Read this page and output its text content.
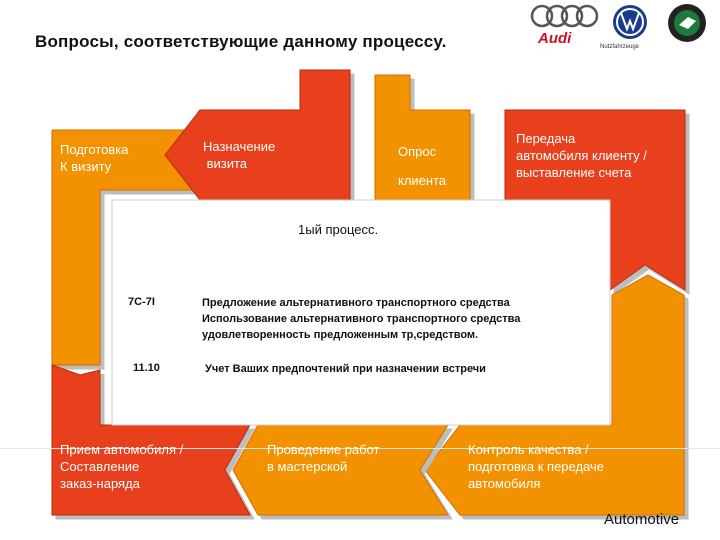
Вопросы, соответствующие данному процессу.	Audi	Nutzfahrzeuge
Подготовка
К визиту
Назначение
визита
Опрос
клиента
Передача
автомобиля клиенту /
выставление счета
Прием автомобиля /
Составление
заказ-наряда
Проведение работ
в мастерской
Контроль качества /
подготовка к передаче
автомобиля
1ый процесс.
7С-7I	Предложение альтернативного транспортного средства
Использование альтернативного транспортного средства
удовлетворенность предложенным тр,средством.
11.10	Учет Ваших предпочтений при назначении встречи
Automotive
